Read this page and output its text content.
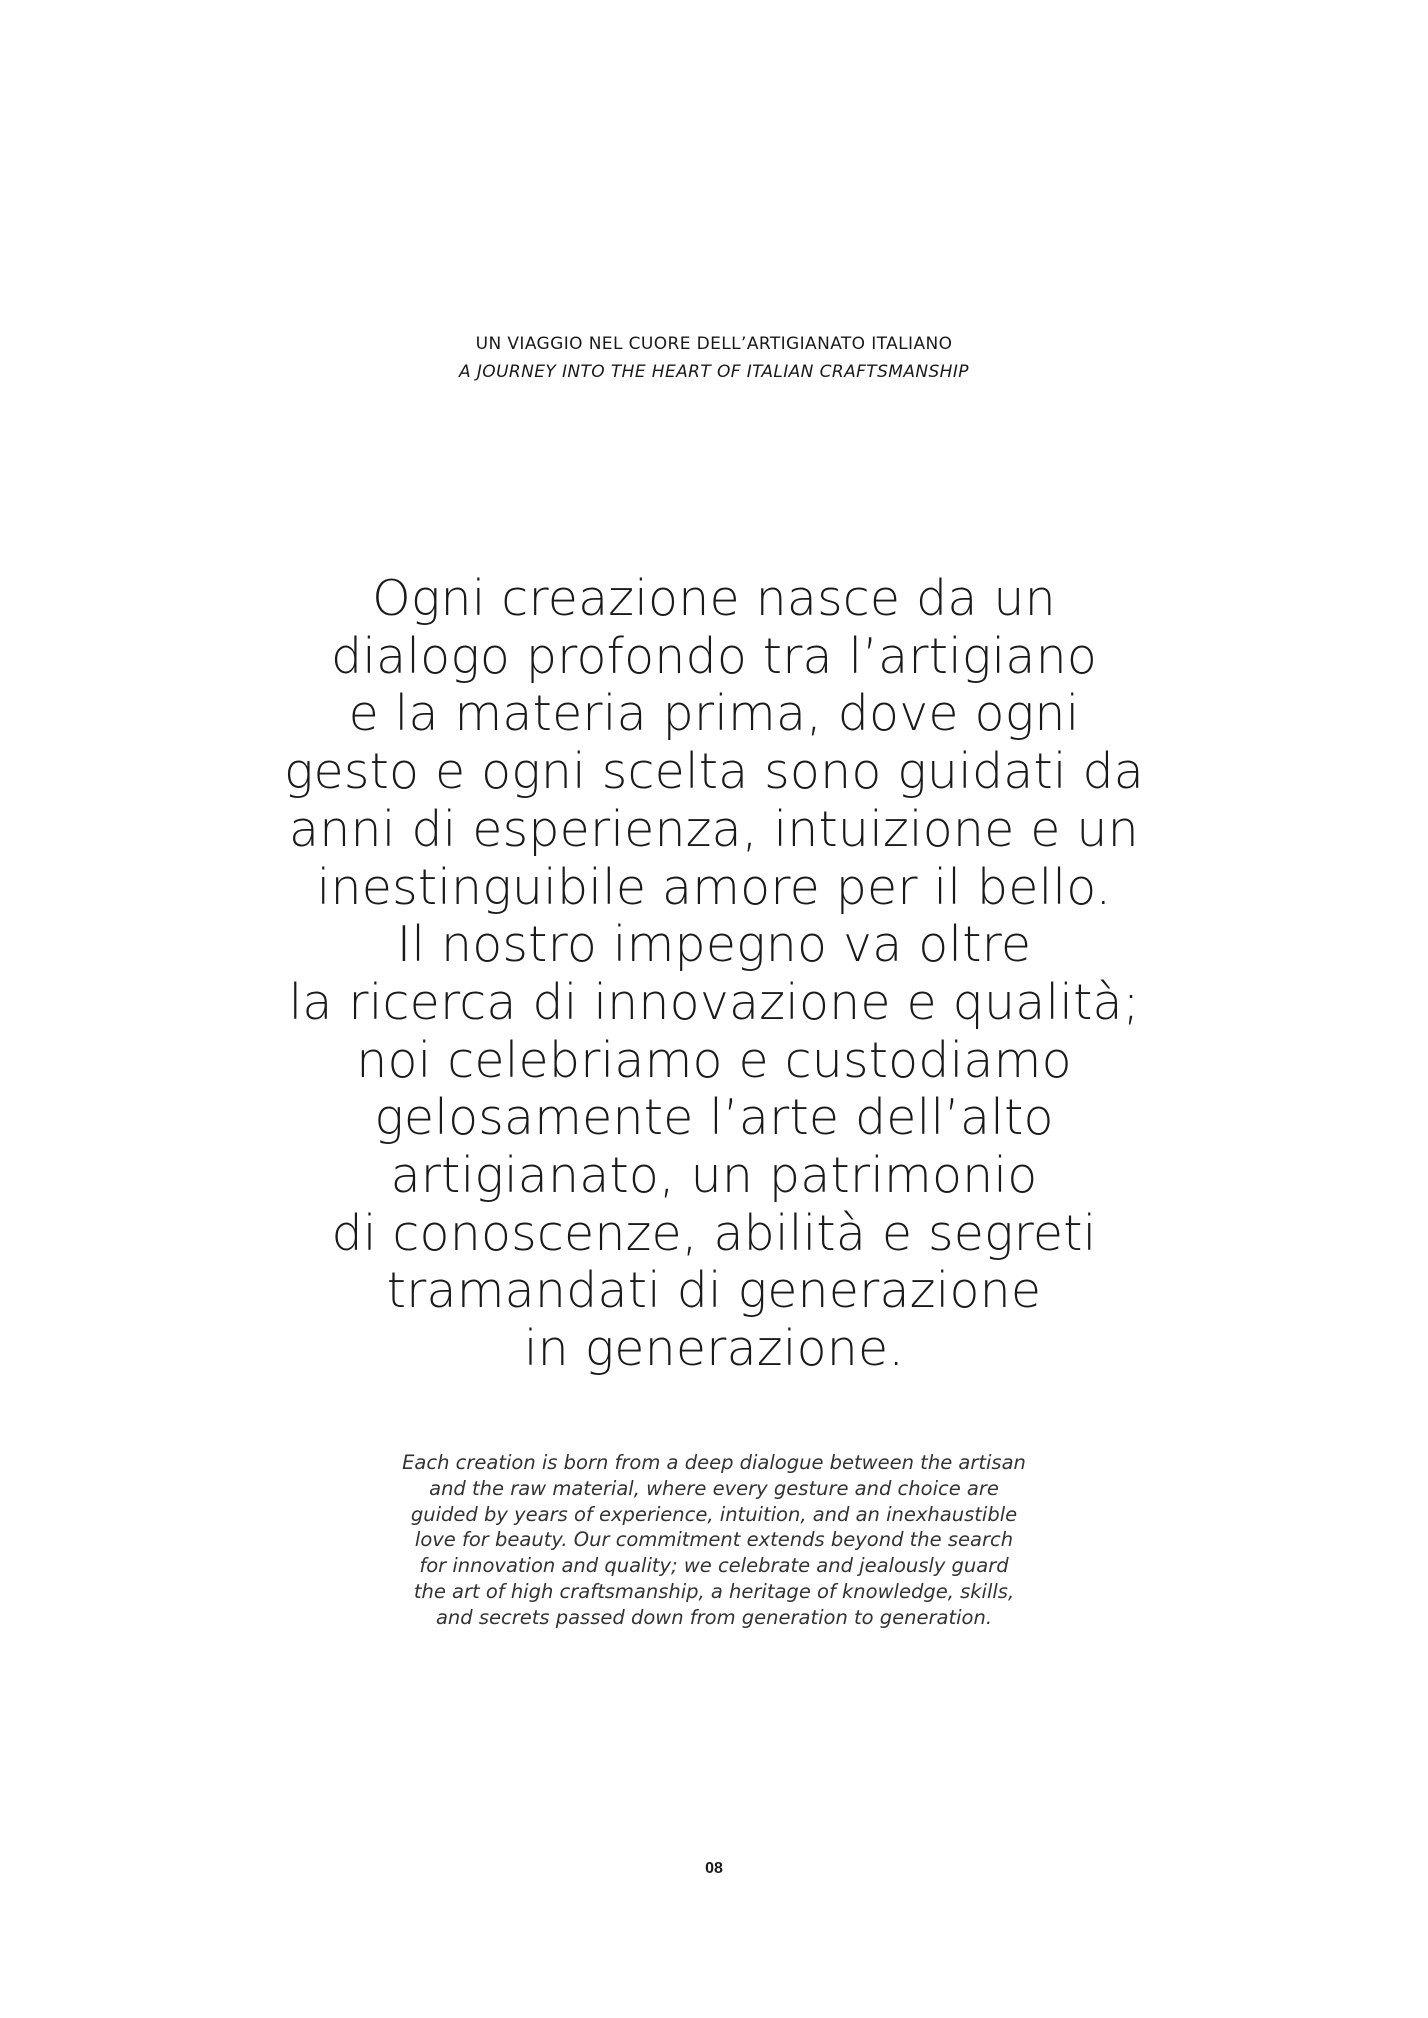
UN VIAGGIO NEL CUORE DELL’ARTIGIANATO ITALIANO
A JOURNEY INTO THE HEART OF ITALIAN CRAFTSMANSHIP
Ogni creazione nasce da un
dialogo profondo tra l’artigiano
e la materia prima, dove ogni
gesto e ogni scelta sono guidati da
anni di esperienza, intuizione e un
inestinguibile amore per il bello.
Il nostro impegno va oltre
la ricerca di innovazione e qualità;
noi celebriamo e custodiamo
gelosamente l’arte dell’alto
artigianato, un patrimonio
di conoscenze, abilità e segreti
tramandati di generazione
in generazione.
Each creation is born from a deep dialogue between the artisan
and the raw material, where every gesture and choice are
guided by years of experience, intuition, and an inexhaustible
love for beauty. Our commitment extends beyond the search
for innovation and quality; we celebrate and jealously guard
the art of high craftsmanship, a heritage of knowledge, skills,
and secrets passed down from generation to generation.
08
